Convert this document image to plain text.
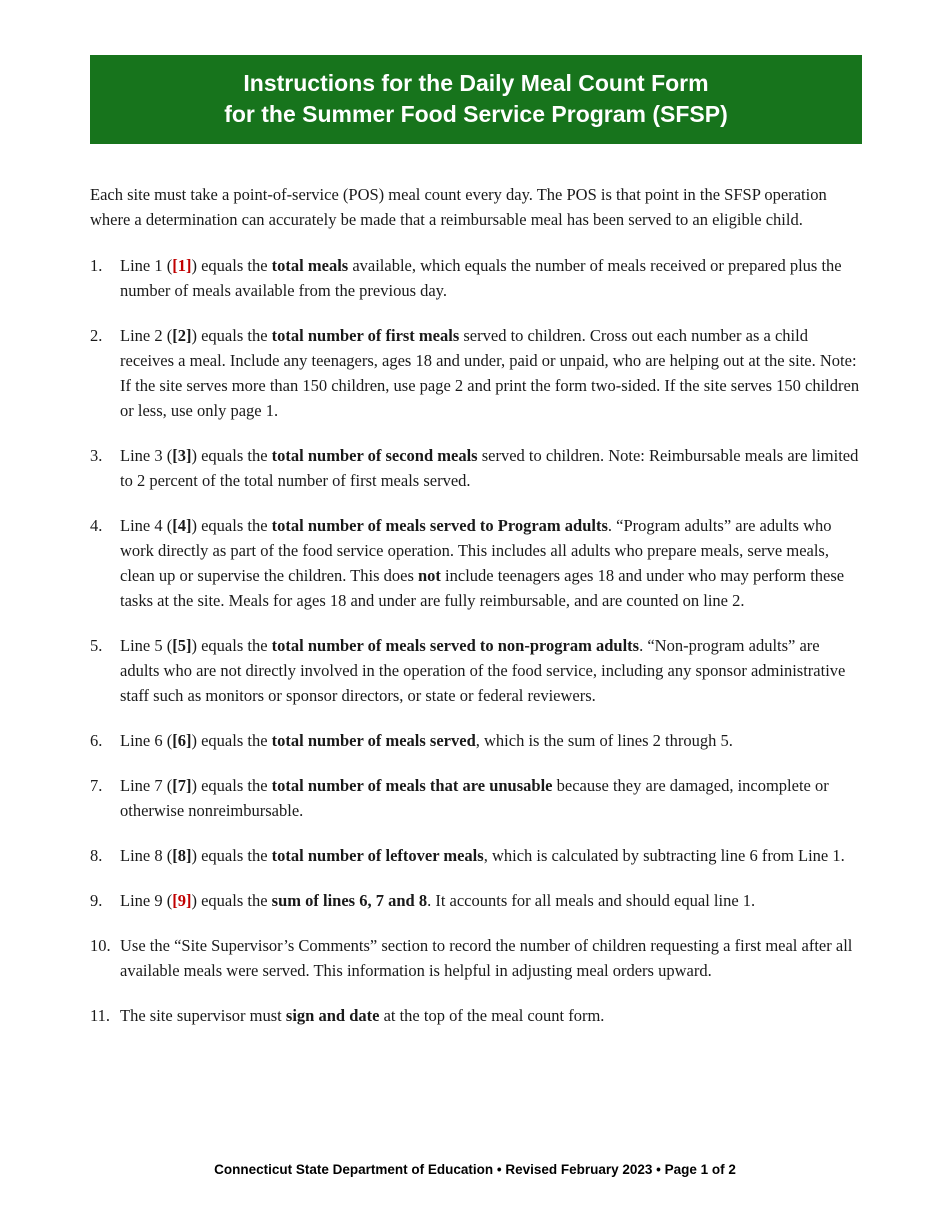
Instructions for the Daily Meal Count Form
for the Summer Food Service Program (SFSP)

Each site must take a point-of-service (POS) meal count every day. The POS is that point in the SFSP operation where a determination can accurately be made that a reimbursable meal has been served to an eligible child.

1. Line 1 ([1]) equals the total meals available, which equals the number of meals received or prepared plus the number of meals available from the previous day.
2. Line 2 ([2]) equals the total number of first meals served to children. Cross out each number as a child receives a meal. Include any teenagers, ages 18 and under, paid or unpaid, who are helping out at the site. Note: If the site serves more than 150 children, use page 2 and print the form two-sided. If the site serves 150 children or less, use only page 1.
3. Line 3 ([3]) equals the total number of second meals served to children. Note: Reimbursable meals are limited to 2 percent of the total number of first meals served.
4. Line 4 ([4]) equals the total number of meals served to Program adults. “Program adults” are adults who work directly as part of the food service operation. This includes all adults who prepare meals, serve meals, clean up or supervise the children. This does not include teenagers ages 18 and under who may perform these tasks at the site. Meals for ages 18 and under are fully reimbursable, and are counted on line 2.
5. Line 5 ([5]) equals the total number of meals served to non-program adults. “Non-program adults” are adults who are not directly involved in the operation of the food service, including any sponsor administrative staff such as monitors or sponsor directors, or state or federal reviewers.
6. Line 6 ([6]) equals the total number of meals served, which is the sum of lines 2 through 5.
7. Line 7 ([7]) equals the total number of meals that are unusable because they are damaged, incomplete or otherwise nonreimbursable.
8. Line 8 ([8]) equals the total number of leftover meals, which is calculated by subtracting line 6 from Line 1.
9. Line 9 ([9]) equals the sum of lines 6, 7 and 8. It accounts for all meals and should equal line 1.
10. Use the “Site Supervisor’s Comments” section to record the number of children requesting a first meal after all available meals were served. This information is helpful in adjusting meal orders upward.
11. The site supervisor must sign and date at the top of the meal count form.
Connecticut State Department of Education • Revised February 2023 • Page 1 of 2
